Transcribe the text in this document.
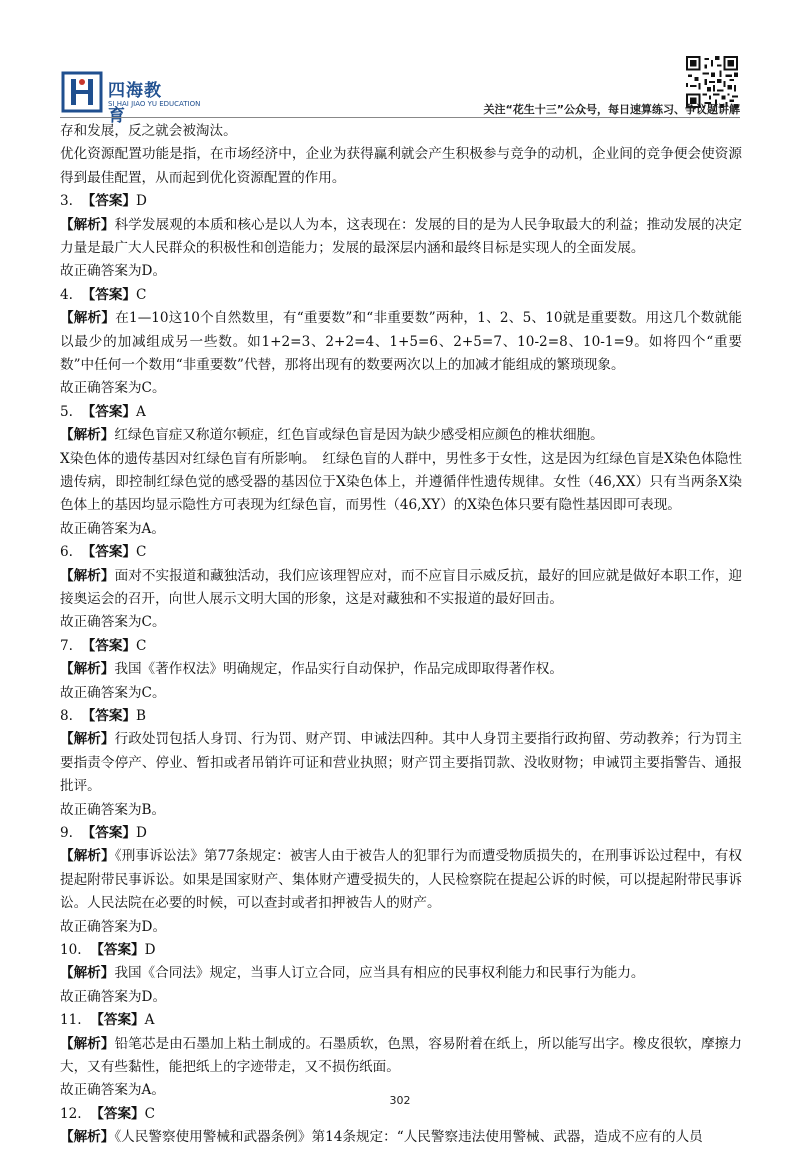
四海教育
SI HAI JIAO YU EDUCATION	关注“花生十三”公众号，每日速算练习、争议题讲解
存和发展，反之就会被淘汰。
优化资源配置功能是指，在市场经济中，企业为获得赢利就会产生积极参与竞争的动机，企业间的竞争便会使资源得到最佳配置，从而起到优化资源配置的作用。
3. 【答案】D
【解析】科学发展观的本质和核心是以人为本，这表现在：发展的目的是为人民争取最大的利益；推动发展的决定力量是最广大人民群众的积极性和创造能力；发展的最深层内涵和最终目标是实现人的全面发展。
故正确答案为D。
4. 【答案】C
【解析】在1—10这10个自然数里，有“重要数”和“非重要数”两种，1、2、5、10就是重要数。用这几个数就能以最少的加减组成另一些数。如1+2=3、2+2=4、1+5=6、2+5=7、10-2=8、10-1=9。如将四个“重要数”中任何一个数用“非重要数”代替，那将出现有的数要两次以上的加减才能组成的繁琐现象。
故正确答案为C。
5. 【答案】A
【解析】红绿色盲症又称道尔顿症，红色盲或绿色盲是因为缺少感受相应颜色的椎状细胞。
X染色体的遗传基因对红绿色盲有所影响。　红绿色盲的人群中，男性多于女性，这是因为红绿色盲是X染色体隐性遗传病，即控制红绿色觉的感受器的基因位于X染色体上，并遵循伴性遗传规律。女性（46,XX）只有当两条X染色体上的基因均显示隐性方可表现为红绿色盲，而男性（46,XY）的X染色体只要有隐性基因即可表现。
故正确答案为A。
6. 【答案】C
【解析】面对不实报道和藏独活动，我们应该理智应对，而不应盲目示威反抗，最好的回应就是做好本职工作，迎接奥运会的召开，向世人展示文明大国的形象，这是对藏独和不实报道的最好回击。
故正确答案为C。
7. 【答案】C
【解析】我国《著作权法》明确规定，作品实行自动保护，作品完成即取得著作权。
故正确答案为C。
8. 【答案】B
【解析】行政处罚包括人身罚、行为罚、财产罚、申诫法四种。其中人身罚主要指行政拘留、劳动教养；行为罚主要指责令停产、停业、暂扣或者吊销许可证和营业执照；财产罚主要指罚款、没收财物；申诫罚主要指警告、通报批评。
故正确答案为B。
9. 【答案】D
【解析】《刑事诉讼法》第77条规定：被害人由于被告人的犯罪行为而遭受物质损失的，在刑事诉讼过程中，有权提起附带民事诉讼。如果是国家财产、集体财产遭受损失的，人民检察院在提起公诉的时候，可以提起附带民事诉讼。人民法院在必要的时候，可以查封或者扣押被告人的财产。
故正确答案为D。
10. 【答案】D
【解析】我国《合同法》规定，当事人订立合同，应当具有相应的民事权利能力和民事行为能力。
故正确答案为D。
11. 【答案】A
【解析】铅笔芯是由石墨加上粘土制成的。石墨质软，色黑，容易附着在纸上，所以能写出字。橡皮很软，摩擦力大，又有些黏性，能把纸上的字迹带走，又不损伤纸面。
故正确答案为A。
12. 【答案】C
【解析】《人民警察使用警械和武器条例》第14条规定：“人民警察违法使用警械、武器，造成不应有的人员
302
